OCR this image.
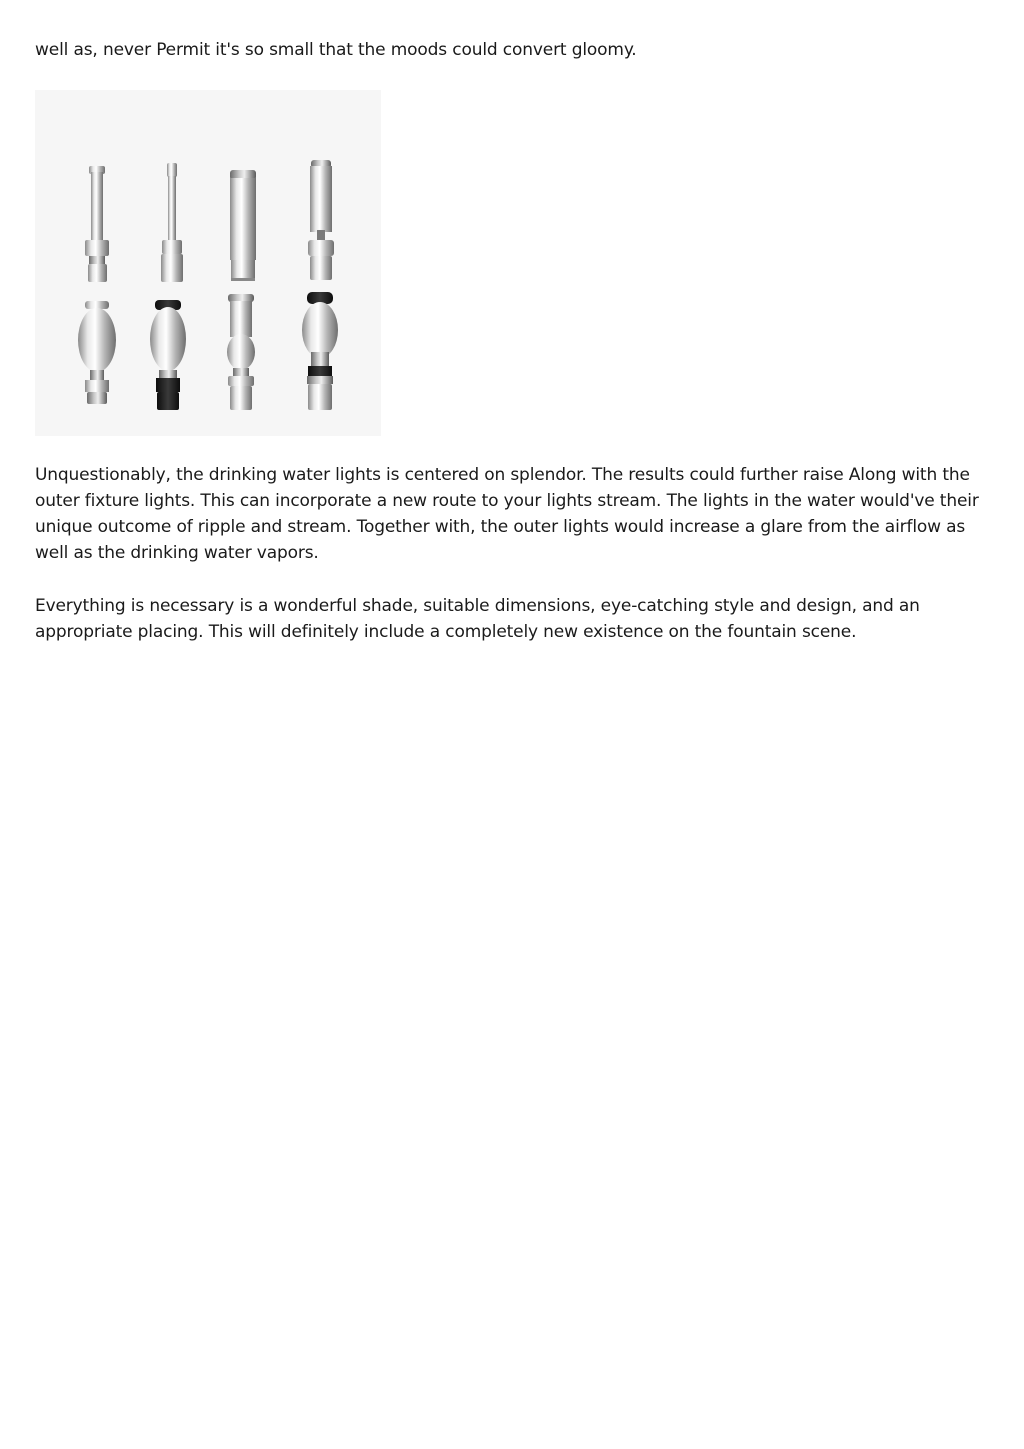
well as, never Permit it's so small that the moods could convert gloomy.

Unquestionably, the drinking water lights is centered on splendor. The results could further raise Along with the outer fixture lights. This can incorporate a new route to your lights stream. The lights in the water would've their unique outcome of ripple and stream. Together with, the outer lights would increase a glare from the airflow as well as the drinking water vapors.

Everything is necessary is a wonderful shade, suitable dimensions, eye-catching style and design, and an appropriate placing. This will definitely include a completely new existence on the fountain scene.
